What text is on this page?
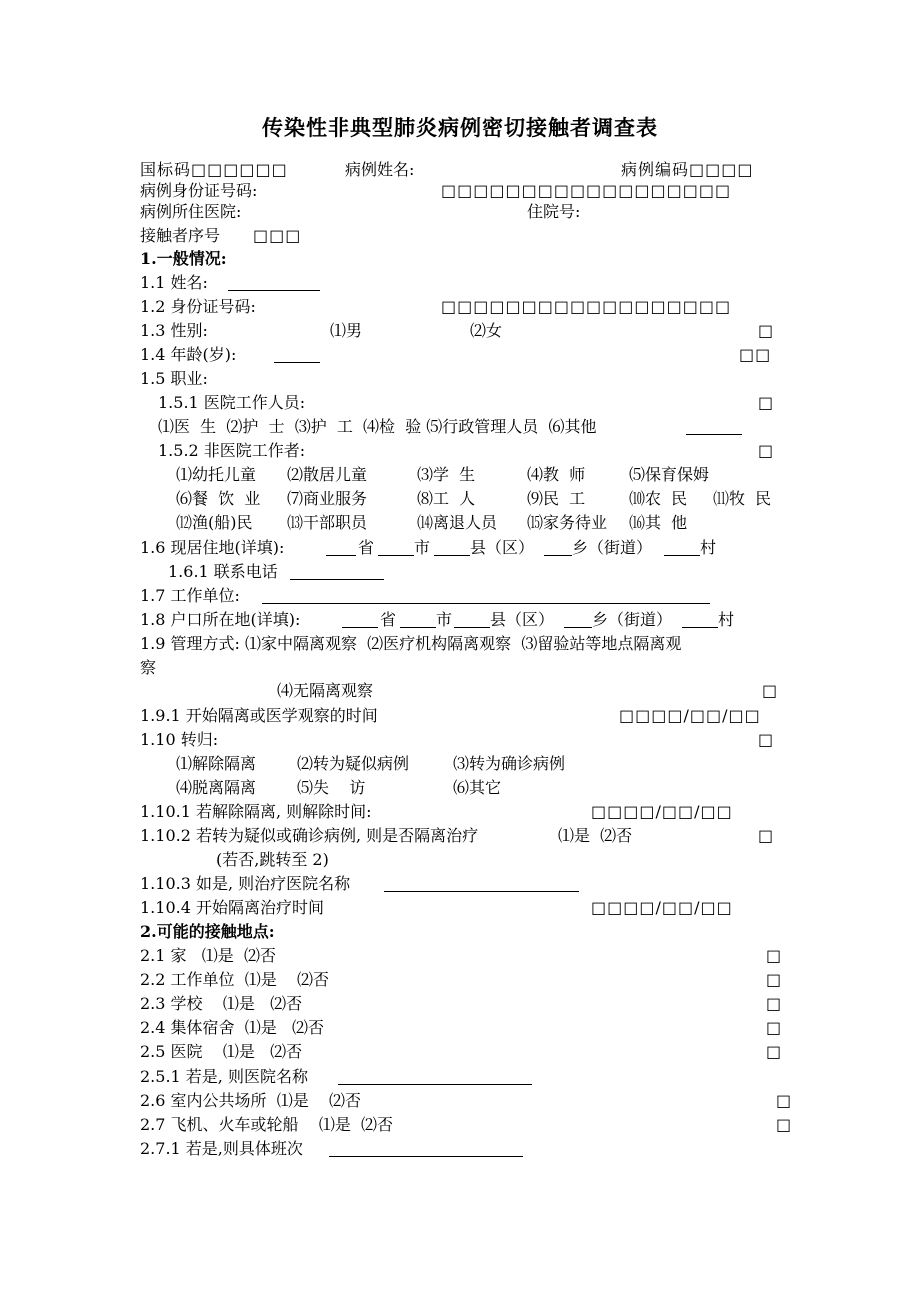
传染性非典型肺炎病例密切接触者调查表
国标码□□□□□□	病例姓名:	病例编码□□□□
病例身份证号码:	□□□□□□□□□□□□□□□□□□
病例所住医院:	住院号:
接触者序号 □□□
1.一般情况:
1.1 姓名:
1.2 身份证号码:	□□□□□□□□□□□□□□□□□□
1.3 性别:	⑴男	⑵女	□
1.4 年龄(岁):	□□
1.5 职业:
1.5.1 医院工作人员:	□
⑴医  生  ⑵护  士  ⑶护  工  ⑷检  验 ⑸行政管理人员  ⑹其他
1.5.2 非医院工作者:	□
⑴幼托儿童 ⑵散居儿童	⑶学  生	⑷教  师	⑸保育保姆
⑹餐  饮  业 ⑺商业服务	⑻工  人	⑼民  工	⑽农  民 ⑾牧  民
⑿渔(船)民 ⒀干部职员	⒁离退人员 ⒂家务待业 ⒃其  他
1.6 现居住地(详填):	省 市 县（区） 乡（街道）	村
1.6.1 联系电话
1.7 工作单位:
1.8 户口所在地(详填):	省 市 县（区） 乡（街道）	村
1.9 管理方式: ⑴家中隔离观察  ⑵医疗机构隔离观察  ⑶留验站等地点隔离观
察
⑷无隔离观察	□
1.9.1 开始隔离或医学观察的时间	□□□□/□□/□□
1.10 转归:	□
⑴解除隔离	⑵转为疑似病例	⑶转为确诊病例
⑷脱离隔离	⑸失    访	⑹其它
1.10.1 若解除隔离, 则解除时间:	□□□□/□□/□□
1.10.2 若转为疑似或确诊病例, 则是否隔离治疗	⑴是  ⑵否	□
(若否,跳转至 2)
1.10.3 如是, 则治疗医院名称
1.10.4 开始隔离治疗时间	□□□□/□□/□□
2.可能的接触地点:
2.1 家   ⑴是  ⑵否	□
2.2 工作单位  ⑴是    ⑵否	□
2.3 学校    ⑴是   ⑵否	□
2.4 集体宿舍  ⑴是   ⑵否	□
2.5 医院    ⑴是   ⑵否	□
2.5.1 若是, 则医院名称
2.6 室内公共场所  ⑴是    ⑵否	□
2.7 飞机、火车或轮船    ⑴是  ⑵否	□
2.7.1 若是,则具体班次
